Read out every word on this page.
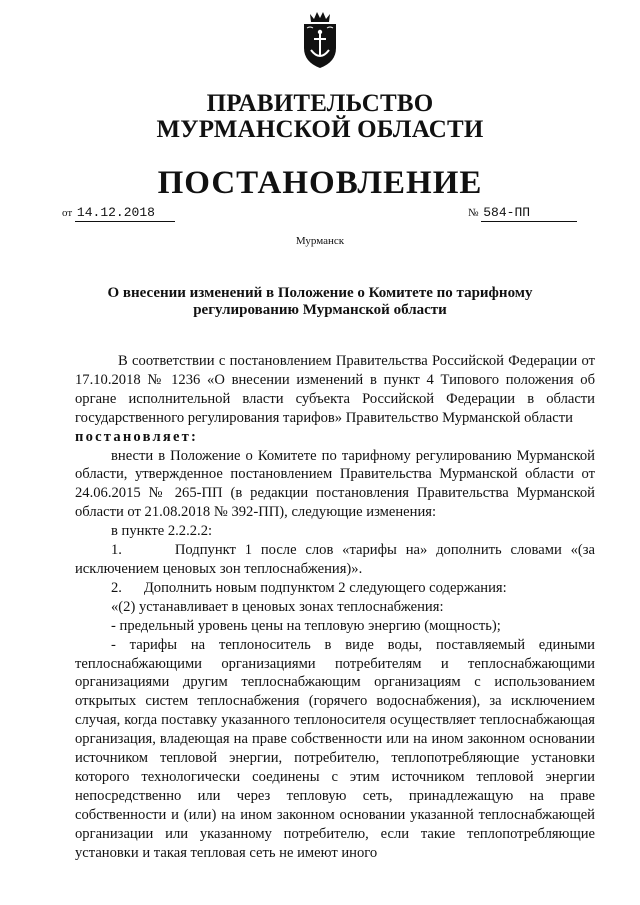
ПРАВИТЕЛЬСТВО
МУРМАНСКОЙ ОБЛАСТИ
ПОСТАНОВЛЕНИЕ
от 14.12.2018	№ 584-ПП
Мурманск
О внесении изменений в Положение о Комитете по тарифному
регулированию Мурманской области

В соответствии с постановлением Правительства Российской Федерации от 17.10.2018 № 1236 «О внесении изменений в пункт 4 Типового положения об органе исполнительной власти субъекта Российской Федерации в области государственного регулирования тарифов» Правительство Мурманской области

постановляет:

внести в Положение о Комитете по тарифному регулированию Мурманской области, утвержденное постановлением Правительства Мурманской области от 24.06.2015 № 265-ПП (в редакции постановления Правительства Мурманской области от 21.08.2018 № 392-ПП), следующие изменения:

в пункте 2.2.2.2:

1.      Подпункт 1 после слов «тарифы на» дополнить словами «(за исключением ценовых зон теплоснабжения)».

2.      Дополнить новым подпунктом 2 следующего содержания:

«(2) устанавливает в ценовых зонах теплоснабжения:

- предельный уровень цены на тепловую энергию (мощность);

- тарифы на теплоноситель в виде воды, поставляемый едиными теплоснабжающими организациями потребителям и теплоснабжающими организациями другим теплоснабжающим организациям с использованием открытых систем теплоснабжения (горячего водоснабжения), за исключением случая, когда поставку указанного теплоносителя осуществляет теплоснабжающая организация, владеющая на праве собственности или на ином законном основании источником тепловой энергии, потребителю, теплопотребляющие установки которого технологически соединены с этим источником тепловой энергии непосредственно или через тепловую сеть, принадлежащую на праве собственности и (или) на ином законном основании указанной теплоснабжающей организации или указанному потребителю, если такие теплопотребляющие установки и такая тепловая сеть не имеют иного
